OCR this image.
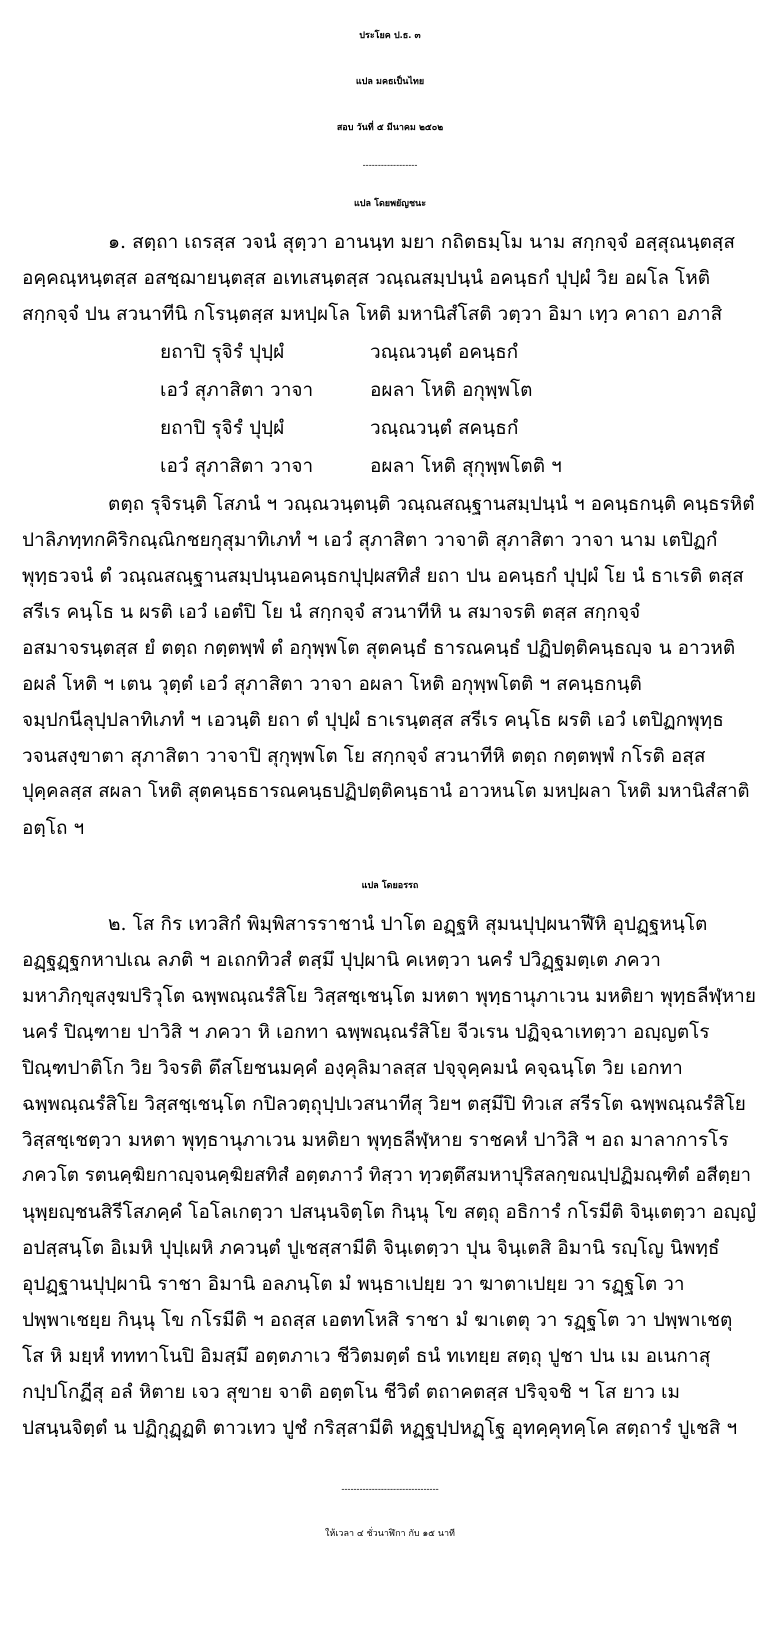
ประโยค ป.ธ. ๓
แปล มคธเป็นไทย
สอบ วันที่ ๕ มีนาคม ๒๕๐๒
------------------
แปล โดยพยัญชนะ
๑. สตฺถา เถรสฺส วจนํ สุตฺวา อานนฺท มยา กถิตธมฺโม นาม สกฺกจฺจํ อสฺสุณนฺตสฺส
อคฺคณฺหนฺตสฺส อสชฺฌายนฺตสฺส อเทเสนฺตสฺส วณฺณสมฺปนฺนํ อคนฺธกํ ปุปฺผํ วิย อผโล โหติ
สกฺกจฺจํ ปน สวนาทีนิ กโรนฺตสฺส มหปฺผโล โหติ มหานิสํโสติ วตฺวา อิมา เทฺว คาถา อภาสิ
ยถาปิ รุจิรํ ปุปฺผํ	วณฺณวนฺตํ อคนฺธกํ
เอวํ สุภาสิตา วาจา	อผลา โหติ อกุพฺพโต
ยถาปิ รุจิรํ ปุปฺผํ	วณฺณวนฺตํ สคนฺธกํ
เอวํ สุภาสิตา วาจา	อผลา โหติ สุกุพฺพโตติ ฯ
ตตฺถ รุจิรนฺติ โสภนํ ฯ วณฺณวนฺตนฺติ วณฺณสณฺฐานสมฺปนฺนํ ฯ อคนฺธกนฺติ คนฺธรหิตํ
ปาลิภทฺทกคิริกณฺณิกชยกุสุมาทิเภทํ ฯ เอวํ สุภาสิตา วาจาติ สุภาสิตา วาจา นาม เตปิฏกํ
พุทฺธวจนํ ตํ วณฺณสณฺฐานสมฺปนฺนอคนฺธกปุปฺผสทิสํ ยถา ปน อคนฺธกํ ปุปฺผํ โย นํ ธาเรติ ตสฺส
สรีเร คนฺโธ น ผรติ เอวํ เอตํปิ โย นํ สกฺกจฺจํ สวนาทีหิ น สมาจรติ ตสฺส สกฺกจฺจํ
อสมาจรนฺตสฺส ยํ ตตฺถ กตฺตพฺพํ ตํ อกุพฺพโต สุตคนฺธํ ธารณคนฺธํ ปฏิปตฺติคนฺธญฺจ น อาวหติ
อผลํ โหติ ฯ เตน วุตฺตํ เอวํ สุภาสิตา วาจา อผลา โหติ อกุพฺพโตติ ฯ สคนฺธกนฺติ
จมฺปกนีลุปฺปลาทิเภทํ ฯ เอวนฺติ ยถา ตํ ปุปฺผํ ธาเรนฺตสฺส สรีเร คนฺโธ ผรติ เอวํ เตปิฏกพุทฺธ
วจนสงฺขาตา สุภาสิตา วาจาปิ สุกุพฺพโต โย สกฺกจฺจํ สวนาทีหิ ตตฺถ กตฺตพฺพํ กโรติ อสฺส
ปุคฺคลสฺส สผลา โหติ สุตคนฺธธารณคนฺธปฏิปตฺติคนฺธานํ อาวหนโต มหปฺผลา โหติ มหานิสํสาติ
อตฺโถ ฯ
แปล โดยอรรถ
๒. โส กิร เทวสิกํ พิมฺพิสารราชานํ ปาโต อฏฺฐหิ สุมนปุปฺผนาฬีหิ อุปฏฺฐหนฺโต
อฏฺฐฏฺฐกหาปเณ ลภติ ฯ อเถกทิวสํ ตสฺมึ ปุปฺผานิ คเหตฺวา นครํ ปวิฏฺฐมตฺเต ภควา
มหาภิกฺขุสงฺฆปริวุโต ฉพฺพณฺณรํสิโย วิสฺสชฺเชนฺโต มหตา พุทฺธานุภาเวน มหติยา พุทฺธลีฬฺหาย
นครํ ปิณฺฑาย ปาวิสิ ฯ ภควา หิ เอกทา ฉพฺพณฺณรํสิโย จีวเรน ปฏิจฺฉาเทตฺวา อญฺญตโร
ปิณฺฑปาติโก วิย วิจรติ ตึสโยชนมคฺคํ องฺคุลิมาลสฺส ปจฺจุคฺคมนํ คจฺฉนฺโต วิย เอกทา
ฉพฺพณฺณรํสิโย วิสฺสชฺเชนฺโต กปิลวตฺถุปฺปเวสนาทีสุ วิยฯ ตสฺมึปิ ทิวเส สรีรโต ฉพฺพณฺณรํสิโย
วิสฺสชฺเชตฺวา มหตา พุทฺธานุภาเวน มหติยา พุทฺธลีฬฺหาย ราชคหํ ปาวิสิ ฯ อถ มาลาการโร
ภควโต รตนคฺฆิยกาญฺจนคฺฆิยสทิสํ อตฺตภาวํ ทิสฺวา ทฺวตฺตึสมหาปุริสลกฺขณปฺปฏิมณฺฑิตํ อสีตฺยา
นุพฺยญฺชนสิรีโสภคฺคํ โอโลเกตฺวา ปสนฺนจิตฺโต กินฺนุ โข สตฺถุ อธิการํ กโรมีติ จินฺเตตฺวา อญฺญํ
อปสฺสนฺโต อิเมหิ ปุปฺเผหิ ภควนฺตํ ปูเชสฺสามีติ จินฺเตตฺวา ปุน จินฺเตสิ อิมานิ รญฺโญ นิพทฺธํ
อุปฏฺฐานปุปฺผานิ ราชา อิมานิ อลภนฺโต มํ พนฺธาเปยฺย วา ฆาตาเปยฺย วา รฏฺฐโต วา
ปพฺพาเชยฺย กินฺนุ โข กโรมีติ ฯ อถสฺส เอตทโหสิ ราชา มํ ฆาเตตุ วา รฏฺฐโต วา ปพฺพาเชตุ
โส หิ มยฺหํ ทททาโนปิ อิมสฺมึ อตฺตภาเว ชีวิตมตฺตํ ธนํ ทเทยฺย สตฺถุ ปูชา ปน เม อเนกาสุ
กปฺปโกฏีสุ อลํ หิตาย เจว สุขาย จาติ อตฺตโน ชีวิตํ ตถาคตสฺส ปริจฺจชิ ฯ โส ยาว เม
ปสนฺนจิตฺตํ น ปฏิกุฏฺฏติ ตาวเทว ปูชํ กริสฺสามีติ หฏฺฐปฺปหฏฺโฐ อุทคฺคุทคฺโค สตฺถารํ ปูเชสิ ฯ
--------------------------------
ให้เวลา ๔ ชั่วนาฬิกา กับ ๑๕ นาที
